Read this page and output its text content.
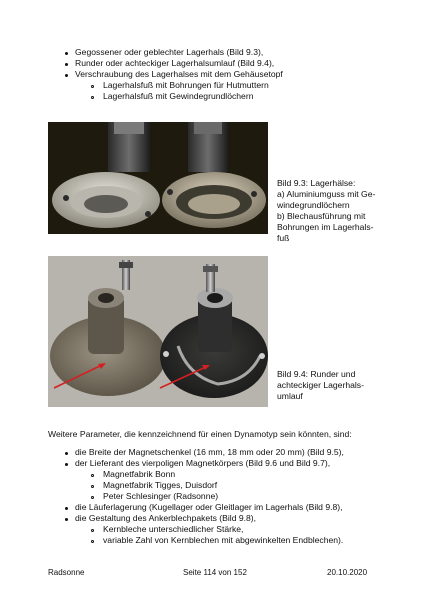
Gegossener oder geblechter Lagerhals (Bild 9.3),
Runder oder achteckiger Lagerhalsumlauf (Bild 9.4),
Verschraubung des Lagerhalses mit dem Gehäusetopf
Lagerhalsfuß mit Bohrungen für Hutmuttern
Lagerhalsfuß mit Gewindegrundlöchern
Bild 9.3: Lagerhälse:
a) Aluminiumguss mit Ge-
windegrundlöchern
b) Blechausführung mit
Bohrungen im Lagerhals-
fuß
Bild 9.4: Runder und
achteckiger Lagerhals-
umlauf
Weitere Parameter, die kennzeichnend für einen Dynamotyp sein könnten, sind:
die Breite der Magnetschenkel (16 mm, 18 mm oder 20 mm) (Bild 9.5),
der Lieferant des vierpoligen Magnetkörpers (Bild 9.6 und Bild 9.7),
Magnetfabrik Bonn
Magnetfabrik Tigges, Duisdorf
Peter Schlesinger (Radsonne)
die Läuferlagerung (Kugellager oder Gleitlager im Lagerhals (Bild 9.8),
die Gestaltung des Ankerblechpakets (Bild 9.8),
Kernbleche unterschiedlicher Stärke,
variable Zahl von Kernblechen mit abgewinkelten Endblechen).
Radsonne	Seite 114 von 152	20.10.2020
